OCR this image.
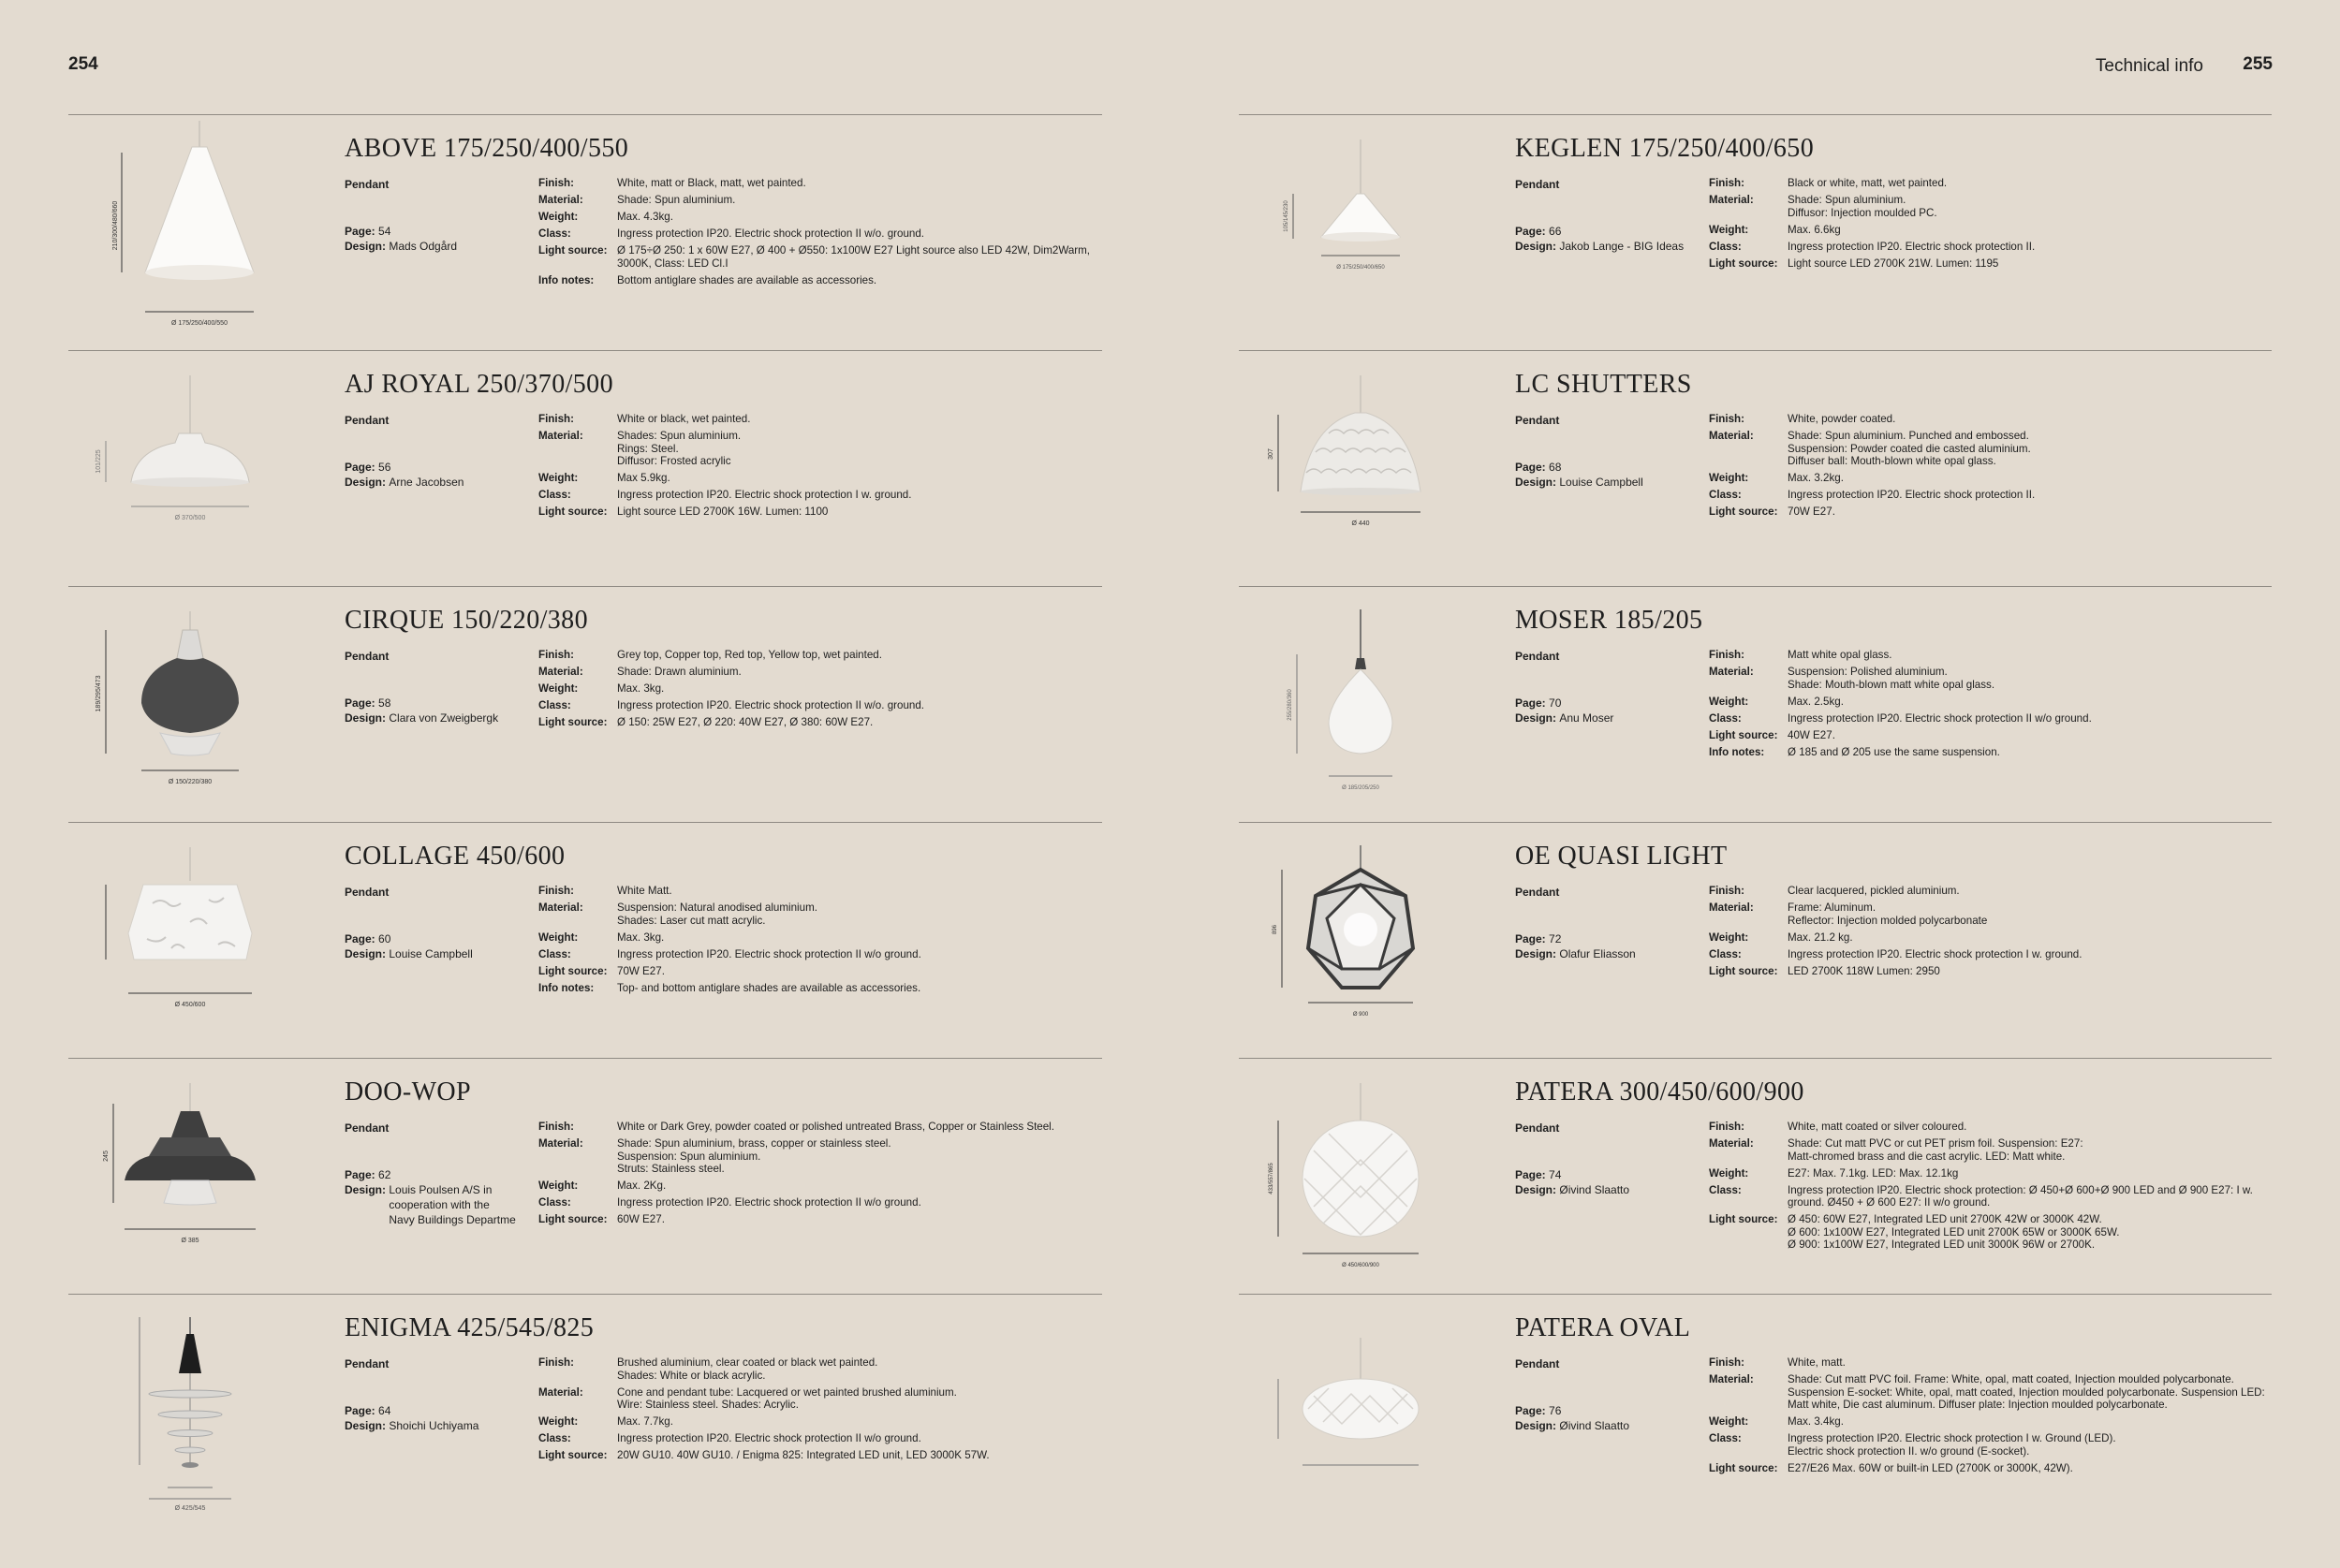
254	Technical info 255
210/300/480/660
Ø 175/250/400/550
ABOVE 175/250/400/550
Pendant
Page: 54
Design: Mads Odgård
Finish:	White, matt or Black, matt, wet painted.
Material:	Shade: Spun aluminium.
Weight:	Max. 4.3kg.
Class:	Ingress protection IP20. Electric shock protection II w/o. ground.
Light source: Ø 175÷Ø 250: 1 x 60W E27, Ø 400 + Ø550: 1x100W E27 Light source also LED 42W, Dim2Warm,
3000K, Class: LED Cl.I
Info notes:	Bottom antiglare shades are available as accessories.
101/225
Ø 370/500
AJ ROYAL 250/370/500
Pendant
Page: 56
Design: Arne Jacobsen
Finish:	White or black, wet painted.
Material:	Shades: Spun aluminium.
Rings: Steel.
Diffusor: Frosted acrylic
Weight:	Max 5.9kg.
Class:	Ingress protection IP20. Electric shock protection I w. ground.
Light source: Light source LED 2700K 16W. Lumen: 1100
189/295/473
Ø 150/220/380
CIRQUE 150/220/380
Pendant
Page: 58
Design: Clara von Zweigbergk
Finish:	Grey top, Copper top, Red top, Yellow top, wet painted.
Material:	Shade: Drawn aluminium.
Weight:	Max. 3kg.
Class:	Ingress protection IP20. Electric shock protection II w/o. ground.
Light source: Ø 150: 25W E27, Ø 220: 40W E27, Ø 380: 60W E27.
Ø 450/600
COLLAGE 450/600
Pendant
Page: 60
Design: Louise Campbell
Finish:	White Matt.
Material:	Suspension: Natural anodised aluminium.
Shades: Laser cut matt acrylic.
Weight:	Max. 3kg.
Class:	Ingress protection IP20. Electric shock protection II w/o ground.
Light source: 70W E27.
Info notes:	Top- and bottom antiglare shades are available as accessories.
245
Ø 385
DOO-WOP
Pendant
Page: 62
Design: Louis Poulsen A/S in
cooperation with the
Navy Buildings Departme
Finish:	White or Dark Grey, powder coated or polished untreated Brass, Copper or Stainless Steel.
Material:	Shade: Spun aluminium, brass, copper or stainless steel.
Suspension: Spun aluminium.
Struts: Stainless steel.
Weight:	Max. 2Kg.
Class:	Ingress protection IP20. Electric shock protection II w/o ground.
Light source: 60W E27.
Ø 425/545
ENIGMA 425/545/825
Pendant
Page: 64
Design: Shoichi Uchiyama
Finish:	Brushed aluminium, clear coated or black wet painted.
Shades: White or black acrylic.
Material:	Cone and pendant tube: Lacquered or wet painted brushed aluminium.
Wire: Stainless steel. Shades: Acrylic.
Weight:	Max. 7.7kg.
Class:	Ingress protection IP20. Electric shock protection II w/o ground.
Light source: 20W GU10. 40W GU10. / Enigma 825: Integrated LED unit, LED 3000K 57W.
105/145/230
Ø 175/250/400/650
KEGLEN 175/250/400/650
Pendant
Page: 66
Design: Jakob Lange - BIG Ideas
Finish:	Black or white, matt, wet painted.
Material:	Shade: Spun aluminium.
Diffusor: Injection moulded PC.
Weight:	Max. 6.6kg
Class:	Ingress protection IP20. Electric shock protection II.
Light source: Light source LED 2700K 21W. Lumen: 1195
307
Ø 440
LC SHUTTERS
Pendant
Page: 68
Design: Louise Campbell
Finish:	White, powder coated.
Material:	Shade: Spun aluminium. Punched and embossed.
Suspension: Powder coated die casted aluminium.
Diffuser ball: Mouth-blown white opal glass.
Weight:	Max. 3.2kg.
Class:	Ingress protection IP20. Electric shock protection II.
Light source: 70W E27.
255/280/360
Ø 185/205/250
MOSER 185/205
Pendant
Page: 70
Design: Anu Moser
Finish:	Matt white opal glass.
Material:	Suspension: Polished aluminium.
Shade: Mouth-blown matt white opal glass.
Weight:	Max. 2.5kg.
Class:	Ingress protection IP20. Electric shock protection II w/o ground.
Light source: 40W E27.
Info notes:	Ø 185 and Ø 205 use the same suspension.
896
Ø 900
OE QUASI LIGHT
Pendant
Page: 72
Design: Olafur Eliasson
Finish:	Clear lacquered, pickled aluminium.
Material:	Frame: Aluminum.
Reflector: Injection molded polycarbonate
Weight:	Max. 21.2 kg.
Class:	Ingress protection IP20. Electric shock protection I w. ground.
Light source: LED 2700K 118W Lumen: 2950
433/557/865
Ø 450/600/900
PATERA 300/450/600/900
Pendant
Page: 74
Design: Øivind Slaatto
Finish:	White, matt coated or silver coloured.
Material:	Shade: Cut matt PVC or cut PET prism foil. Suspension: E27:
Matt-chromed brass and die cast acrylic. LED: Matt white.
Weight:	E27: Max. 7.1kg. LED: Max. 12.1kg
Class:	Ingress protection IP20. Electric shock protection: Ø 450+Ø 600+Ø 900 LED and Ø 900 E27: I w.
ground. Ø450 + Ø 600 E27: II w/o ground.
Light source: Ø 450: 60W E27, Integrated LED unit 2700K 42W or 3000K 42W.
Ø 600: 1x100W E27, Integrated LED unit 2700K 65W or 3000K 65W.
Ø 900: 1x100W E27, Integrated LED unit 3000K 96W or 2700K.
PATERA OVAL
Pendant
Page: 76
Design: Øivind Slaatto
Finish:	White, matt.
Material:	Shade: Cut matt PVC foil. Frame: White, opal, matt coated, Injection moulded polycarbonate.
Suspension E-socket: White, opal, matt coated, Injection moulded polycarbonate. Suspension LED:
Matt white, Die cast aluminum. Diffuser plate: Injection moulded polycarbonate.
Weight:	Max. 3.4kg.
Class:	Ingress protection IP20. Electric shock protection I w. Ground (LED).
Electric shock protection II. w/o ground (E-socket).
Light source: E27/E26 Max. 60W or built-in LED (2700K or 3000K, 42W).
